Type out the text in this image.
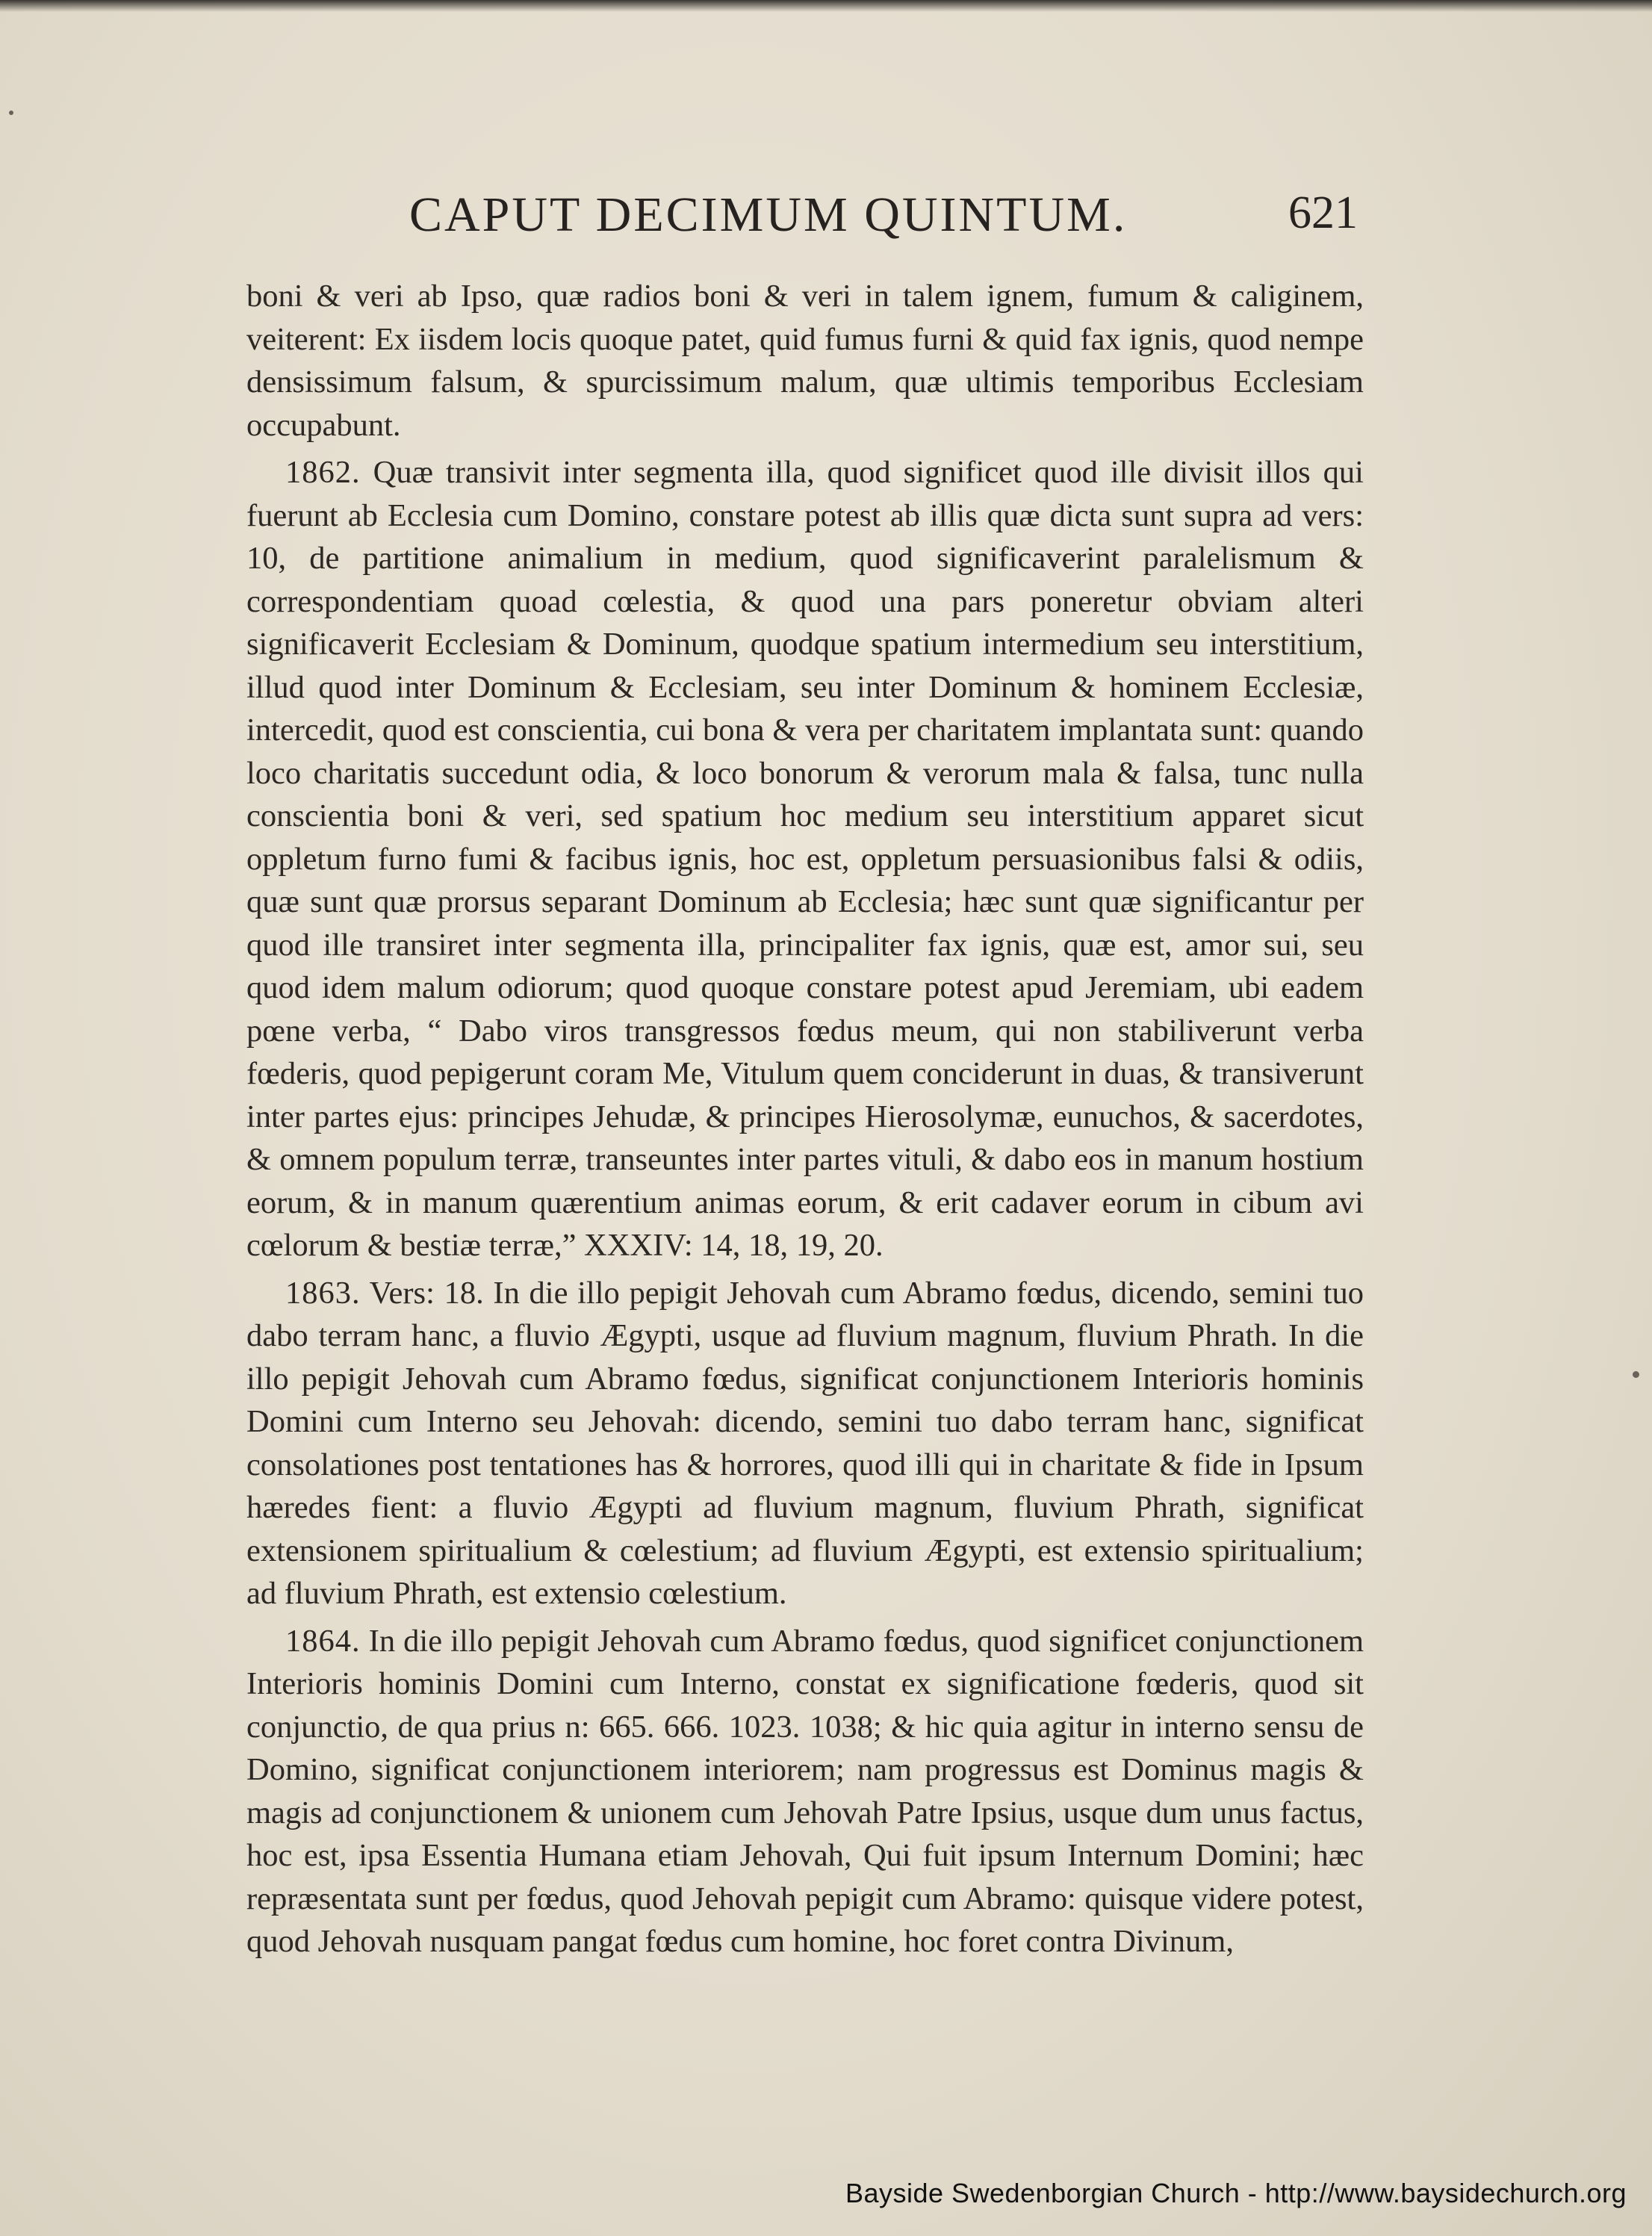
CAPUT DECIMUM QUINTUM.	621

boni & veri ab Ipso, quæ radios boni & veri in talem ignem, fumum & caliginem, veiterent: Ex iisdem locis quoque patet, quid fumus furni & quid fax ignis, quod nempe densissimum falsum, & spurcissimum malum, quæ ultimis temporibus Ecclesiam occupabunt.

1862. Quæ transivit inter segmenta illa, quod significet quod ille divisit illos qui fuerunt ab Ecclesia cum Domino, constare potest ab illis quæ dicta sunt supra ad vers: 10, de partitione animalium in medium, quod significaverint paralelismum & correspondentiam quoad cœlestia, & quod una pars poneretur obviam alteri significaverit Ecclesiam & Dominum, quodque spatium intermedium seu interstitium, illud quod inter Dominum & Ecclesiam, seu inter Dominum & hominem Ecclesiæ, intercedit, quod est conscientia, cui bona & vera per charitatem implantata sunt: quando loco charitatis succedunt odia, & loco bonorum & verorum mala & falsa, tunc nulla conscientia boni & veri, sed spatium hoc medium seu interstitium apparet sicut oppletum furno fumi & facibus ignis, hoc est, oppletum persuasionibus falsi & odiis, quæ sunt quæ prorsus separant Dominum ab Ecclesia; hæc sunt quæ significantur per quod ille transiret inter segmenta illa, principaliter fax ignis, quæ est, amor sui, seu quod idem malum odiorum; quod quoque constare potest apud Jeremiam, ubi eadem pœne verba, “ Dabo viros transgressos fœdus meum, qui non stabiliverunt verba fœderis, quod pepigerunt coram Me, Vitulum quem conciderunt in duas, & transiverunt inter partes ejus: principes Jehudæ, & principes Hierosolymæ, eunuchos, & sacerdotes, & omnem populum terræ, transeuntes inter partes vituli, & dabo eos in manum hostium eorum, & in manum quærentium animas eorum, & erit cadaver eorum in cibum avi cœlorum & bestiæ terræ,” XXXIV: 14, 18, 19, 20.

1863. Vers: 18. In die illo pepigit Jehovah cum Abramo fœdus, dicendo, semini tuo dabo terram hanc, a fluvio Ægypti, usque ad fluvium magnum, fluvium Phrath. In die illo pepigit Jehovah cum Abramo fœdus, significat conjunctionem Interioris hominis Domini cum Interno seu Jehovah: dicendo, semini tuo dabo terram hanc, significat consolationes post tentationes has & horrores, quod illi qui in charitate & fide in Ipsum hæredes fient: a fluvio Ægypti ad fluvium magnum, fluvium Phrath, significat extensionem spiritualium & cœlestium; ad fluvium Ægypti, est extensio spiritualium; ad fluvium Phrath, est extensio cœlestium.

1864. In die illo pepigit Jehovah cum Abramo fœdus, quod significet conjunctionem Interioris hominis Domini cum Interno, constat ex significatione fœderis, quod sit conjunctio, de qua prius n: 665. 666. 1023. 1038; & hic quia agitur in interno sensu de Domino, significat conjunctionem interiorem; nam progressus est Dominus magis & magis ad conjunctionem & unionem cum Jehovah Patre Ipsius, usque dum unus factus, hoc est, ipsa Essentia Humana etiam Jehovah, Qui fuit ipsum Internum Domini; hæc repræsentata sunt per fœdus, quod Jehovah pepigit cum Abramo: quisque videre potest, quod Jehovah nusquam pangat fœdus cum homine, hoc foret contra Divinum,

Bayside Swedenborgian Church - http://www.baysidechurch.org
